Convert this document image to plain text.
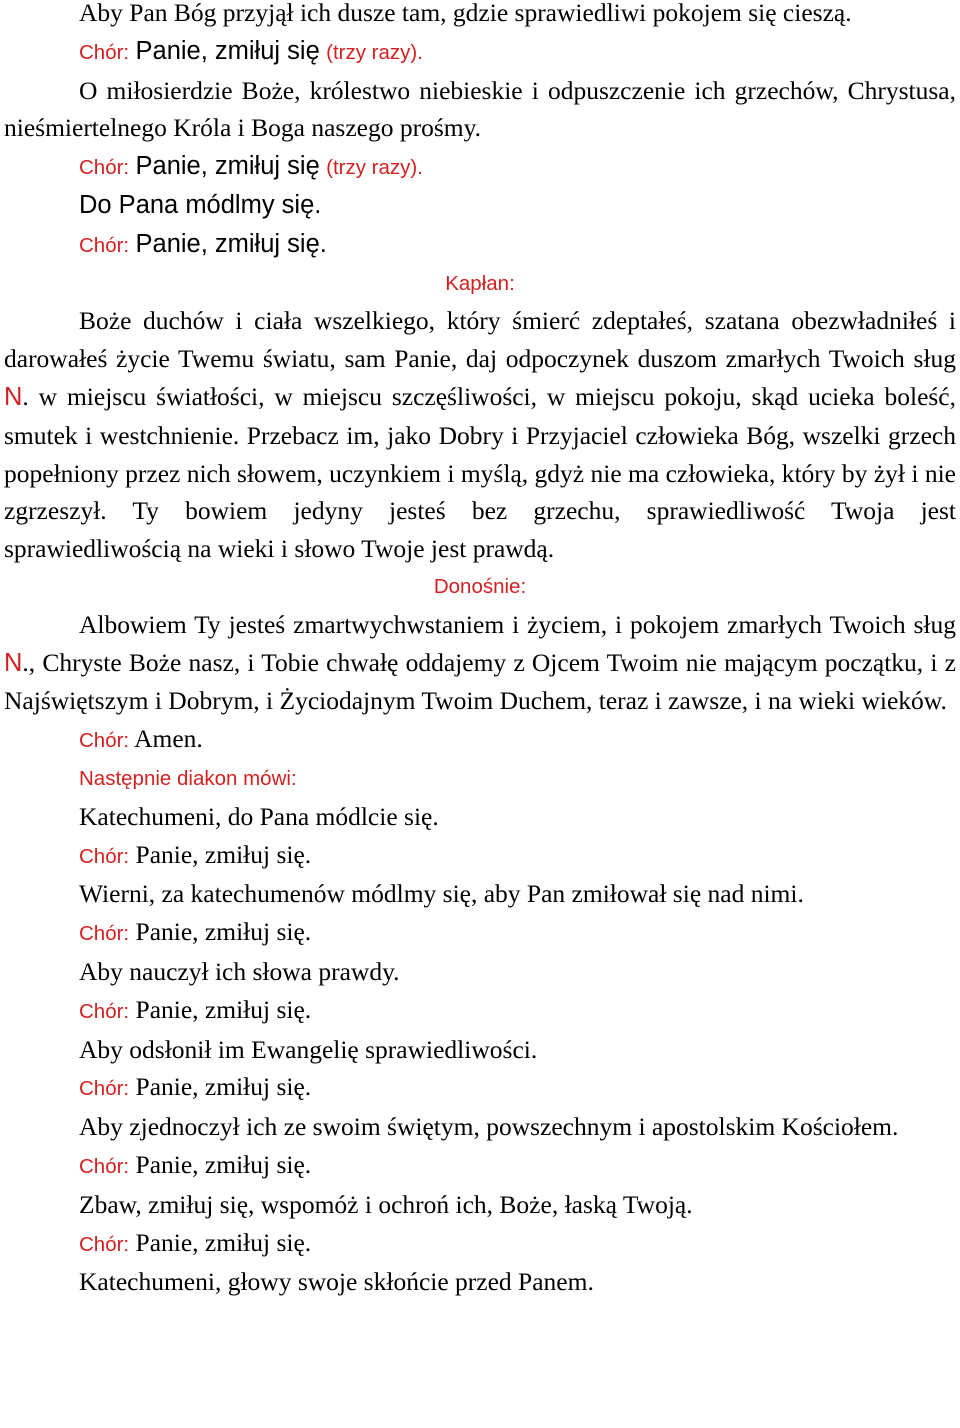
Aby Pan Bóg przyjął ich dusze tam, gdzie sprawiedliwi pokojem się cieszą.

Chór: Panie, zmiłuj się (trzy razy).

O miłosierdzie Boże, królestwo niebieskie i odpuszczenie ich grzechów, Chrystusa, nieśmiertelnego Króla i Boga naszego prośmy.

Chór: Panie, zmiłuj się (trzy razy).

Do Pana módlmy się.

Chór: Panie, zmiłuj się.

Kapłan:

Boże duchów i ciała wszelkiego, który śmierć zdeptałeś, szatana obezwładniłeś i darowałeś życie Twemu światu, sam Panie, daj odpoczynek duszom zmarłych Twoich sług N. w miejscu światłości, w miejscu szczęśliwości, w miejscu pokoju, skąd ucieka boleść, smutek i westchnienie. Przebacz im, jako Dobry i Przyjaciel człowieka Bóg, wszelki grzech popełniony przez nich słowem, uczynkiem i myślą, gdyż nie ma człowieka, który by żył i nie zgrzeszył. Ty bowiem jedyny jesteś bez grzechu, sprawiedliwość Twoja jest sprawiedliwością na wieki i słowo Twoje jest prawdą.

Donośnie:

Albowiem Ty jesteś zmartwychwstaniem i życiem, i pokojem zmarłych Twoich sług N., Chryste Boże nasz, i Tobie chwałę oddajemy z Ojcem Twoim nie mającym początku, i z Najświętszym i Dobrym, i Życiodajnym Twoim Duchem, teraz i zawsze, i na wieki wieków.

Chór: Amen.

Następnie diakon mówi:

Katechumeni, do Pana módlcie się.

Chór: Panie, zmiłuj się.

Wierni, za katechumenów módlmy się, aby Pan zmiłował się nad nimi.

Chór: Panie, zmiłuj się.

Aby nauczył ich słowa prawdy.

Chór: Panie, zmiłuj się.

Aby odsłonił im Ewangelię sprawiedliwości.

Chór: Panie, zmiłuj się.

Aby zjednoczył ich ze swoim świętym, powszechnym i apostolskim Kościołem.

Chór: Panie, zmiłuj się.

Zbaw, zmiłuj się, wspomóż i ochroń ich, Boże, łaską Twoją.

Chór: Panie, zmiłuj się.

Katechumeni, głowy swoje skłońcie przed Panem.
